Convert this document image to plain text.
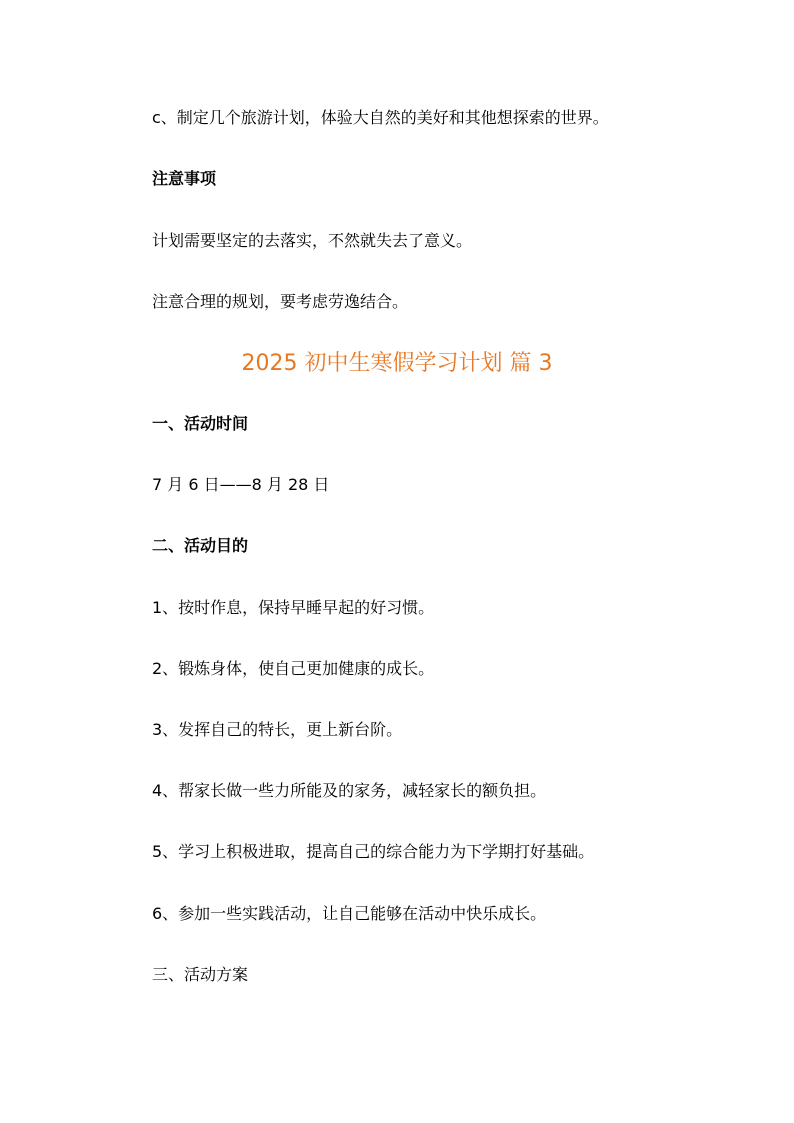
c、制定几个旅游计划，体验大自然的美好和其他想探索的世界。
注意事项
计划需要坚定的去落实，不然就失去了意义。
注意合理的规划，要考虑劳逸结合。
2025 初中生寒假学习计划 篇 3
一、活动时间
7 月 6 日——8 月 28 日
二、活动目的
1、按时作息，保持早睡早起的好习惯。
2、锻炼身体，使自己更加健康的成长。
3、发挥自己的特长，更上新台阶。
4、帮家长做一些力所能及的家务，减轻家长的额负担。
5、学习上积极进取，提高自己的综合能力为下学期打好基础。
6、参加一些实践活动，让自己能够在活动中快乐成长。
三、活动方案
